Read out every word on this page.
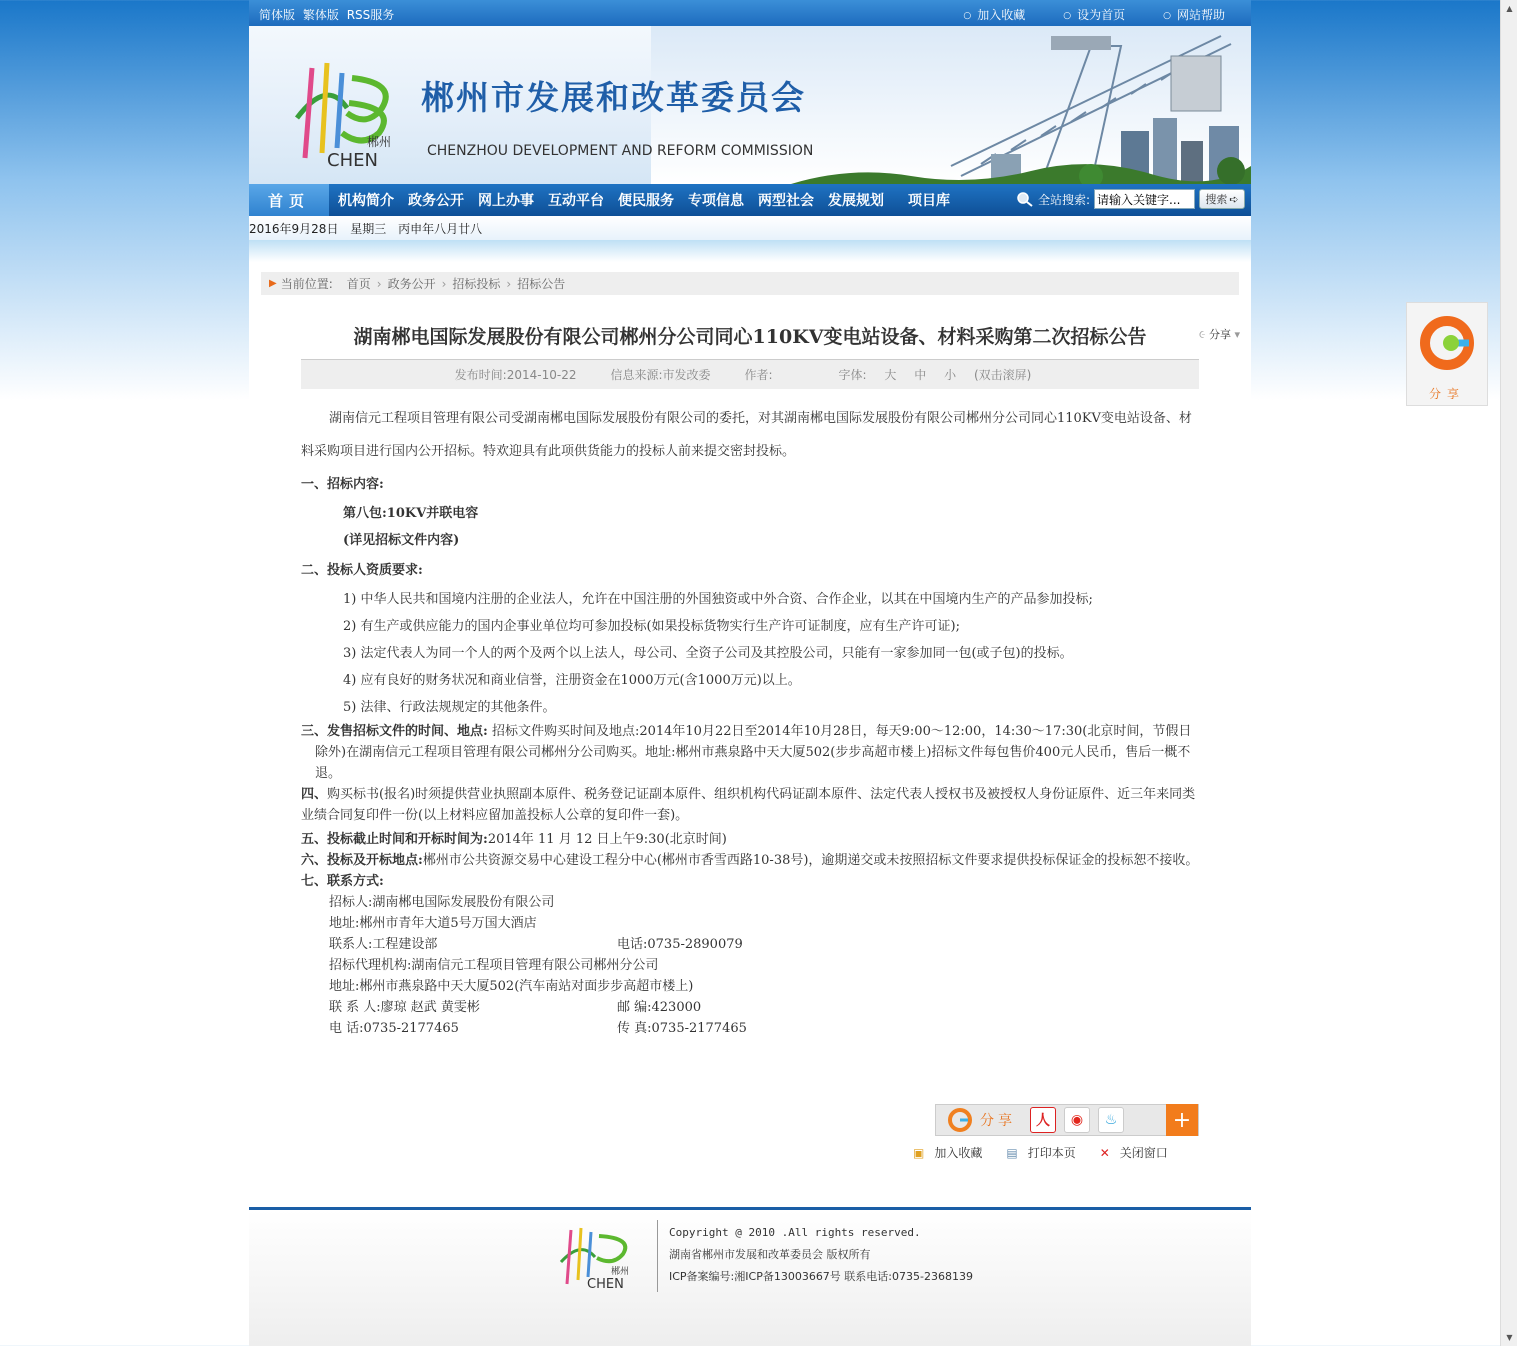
简体版 繁体版 RSS服务	○ 加入收藏	○ 设为首页	○ 网站帮助
郴州
CHEN
郴州市发展和改革委员会
CHENZHOU DEVELOPMENT AND REFORM COMMISSION
首页	机构简介	政务公开	网上办事	互动平台	便民服务	专项信息	两型社会	发展规划	项目库	全站搜索:
请输入关键字...	搜索 ➪
2016年9月28日 星期三 丙申年八月廿八
▶ 当前位置: 首页 › 政务公开 › 招标投标 › 招标公告
湖南郴电国际发展股份有限公司郴州分公司同心110KV变电站设备、材料采购第二次招标公告	૯ 分享 ▾
发布时间:2014-10-22	信息来源:市发改委	作者:	字体: 大 中 小 (双击滚屏)

湖南信元工程项目管理有限公司受湖南郴电国际发展股份有限公司的委托，对其湖南郴电国际发展股份有限公司郴州分公司同心110KV变电站设备、材料采购项目进行国内公开招标。特欢迎具有此项供货能力的投标人前来提交密封投标。

一、招标内容:

第八包:10KV并联电容

(详见招标文件内容)

二、投标人资质要求:

1) 中华人民共和国境内注册的企业法人，允许在中国注册的外国独资或中外合资、合作企业，以其在中国境内生产的产品参加投标;

2) 有生产或供应能力的国内企事业单位均可参加投标(如果投标货物实行生产许可证制度，应有生产许可证);

3) 法定代表人为同一个人的两个及两个以上法人，母公司、全资子公司及其控股公司，只能有一家参加同一包(或子包)的投标。

4) 应有良好的财务状况和商业信誉，注册资金在1000万元(含1000万元)以上。

5) 法律、行政法规规定的其他条件。

三、发售招标文件的时间、地点: 招标文件购买时间及地点:2014年10月22日至2014年10月28日，每天9:00～12:00，14:30～17:30(北京时间，节假日除外)在湖南信元工程项目管理有限公司郴州分公司购买。地址:郴州市燕泉路中天大厦502(步步高超市楼上)招标文件每包售价400元人民币，售后一概不退。

四、购买标书(报名)时须提供营业执照副本原件、税务登记证副本原件、组织机构代码证副本原件、法定代表人授权书及被授权人身份证原件、近三年来同类业绩合同复印件一份(以上材料应留加盖投标人公章的复印件一套)。

五、投标截止时间和开标时间为:2014年 11 月 12 日上午9:30(北京时间)

六、投标及开标地点:郴州市公共资源交易中心建设工程分中心(郴州市香雪西路10-38号)，逾期递交或未按照招标文件要求提供投标保证金的投标恕不接收。

七、联系方式:

招标人:湖南郴电国际发展股份有限公司
地址:郴州市青年大道5号万国大酒店
联系人:工程建设部	电话:0735-2890079
招标代理机构:湖南信元工程项目管理有限公司郴州分公司
地址:郴州市燕泉路中天大厦502(汽车南站对面步步高超市楼上)
联 系 人:廖琼 赵武 黄雯彬	邮 编:423000
电 话:0735-2177465	传 真:0735-2177465
分享	人	◉	♨	+
▣ 加入收藏 ▤ 打印本页 ✕ 关闭窗口
郴州
CHEN
Copyright @ 2010 .All rights reserved.
湖南省郴州市发展和改革委员会 版权所有
ICP备案编号:湘ICP备13003667号 联系电话:0735-2368139
分享
▲
▼
